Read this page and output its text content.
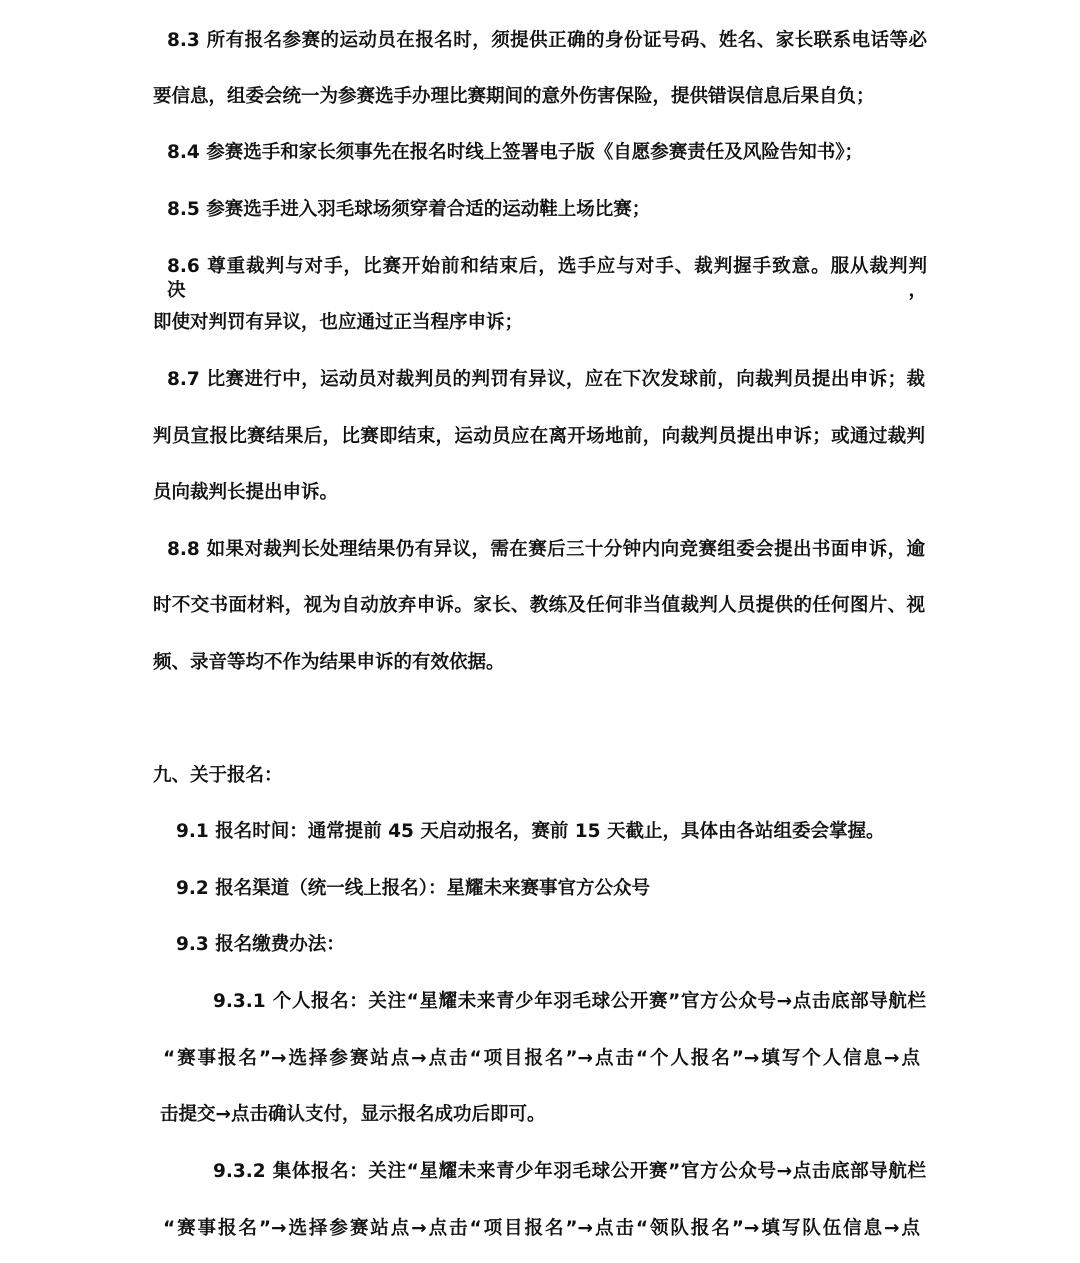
8.3 所有报名参赛的运动员在报名时，须提供正确的身份证号码、姓名、家长联系电话等必
要信息，组委会统一为参赛选手办理比赛期间的意外伤害保险，提供错误信息后果自负；
8.4 参赛选手和家长须事先在报名时线上签署电子版《自愿参赛责任及风险告知书》；
8.5 参赛选手进入羽毛球场须穿着合适的运动鞋上场比赛；
8.6 尊重裁判与对手，比赛开始前和结束后，选手应与对手、裁判握手致意。服从裁判判决，
即使对判罚有异议，也应通过正当程序申诉；
8.7 比赛进行中，运动员对裁判员的判罚有异议，应在下次发球前，向裁判员提出申诉；裁
判员宣报比赛结果后，比赛即结束，运动员应在离开场地前，向裁判员提出申诉；或通过裁判
员向裁判长提出申诉。
8.8 如果对裁判长处理结果仍有异议，需在赛后三十分钟内向竞赛组委会提出书面申诉，逾
时不交书面材料，视为自动放弃申诉。家长、教练及任何非当值裁判人员提供的任何图片、视
频、录音等均不作为结果申诉的有效依据。
九、关于报名：
9.1 报名时间：通常提前 45 天启动报名，赛前 15 天截止，具体由各站组委会掌握。
9.2 报名渠道（统一线上报名）：星耀未来赛事官方公众号
9.3 报名缴费办法：
9.3.1 个人报名：关注“星耀未来青少年羽毛球公开赛”官方公众号→点击底部导航栏
“赛事报名”→选择参赛站点→点击“项目报名”→点击“个人报名”→填写个人信息→点
击提交→点击确认支付，显示报名成功后即可。
9.3.2 集体报名：关注“星耀未来青少年羽毛球公开赛”官方公众号→点击底部导航栏
“赛事报名”→选择参赛站点→点击“项目报名”→点击“领队报名”→填写队伍信息→点
